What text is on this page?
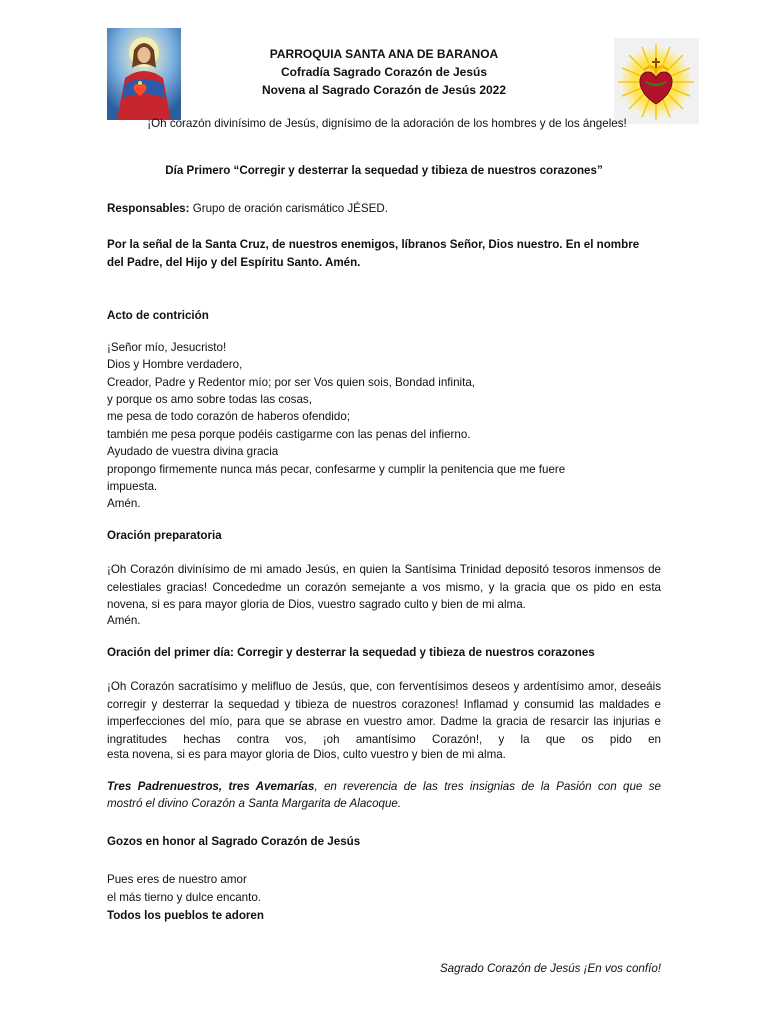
PARROQUIA SANTA ANA DE BARANOA
Cofradía Sagrado Corazón de Jesús
Novena al Sagrado Corazón de Jesús 2022
¡Oh corazón divinísimo de Jesús, dignísimo de la adoración de los hombres y de los ángeles!
Día Primero “Corregir y desterrar la sequedad y tibieza de nuestros corazones”
Responsables: Grupo de oración carismático JÉSED.
Por la señal de la Santa Cruz, de nuestros enemigos, líbranos Señor, Dios nuestro. En el nombre
del Padre, del Hijo y del Espíritu Santo. Amén.
Acto de contrición
¡Señor mío, Jesucristo!
Dios y Hombre verdadero,
Creador, Padre y Redentor mío; por ser Vos quien sois, Bondad infinita,
y porque os amo sobre todas las cosas,
me pesa de todo corazón de haberos ofendido;
también me pesa porque podéis castigarme con las penas del infierno.
Ayudado de vuestra divina gracia
propongo firmemente nunca más pecar, confesarme y cumplir la penitencia que me fuere
impuesta.
Amén.
Oración preparatoria
¡Oh Corazón divinísimo de mi amado Jesús, en quien la Santísima Trinidad depositó tesoros inmensos de celestiales gracias! Concededme un corazón semejante a vos mismo, y la gracia que os pido en esta novena, si es para mayor gloria de Dios, vuestro sagrado culto y bien de mi alma.
Amén.
Oración del primer día: Corregir y desterrar la sequedad y tibieza de nuestros corazones
¡Oh Corazón sacratísimo y melifluo de Jesús, que, con ferventísimos deseos y ardentísimo amor, deseáis corregir y desterrar la sequedad y tibieza de nuestros corazones! Inflamad y consumid las maldades e imperfecciones del mío, para que se abrase en vuestro amor. Dadme la gracia de resarcir las injurias e ingratitudes hechas contra vos, ¡oh amantísimo Corazón!, y la que os pido en
esta novena, si es para mayor gloria de Dios, culto vuestro y bien de mi alma.
Tres Padrenuestros, tres Avemarías, en reverencia de las tres insignias de la Pasión con que se
mostró el divino Corazón a Santa Margarita de Alacoque.
Gozos en honor al Sagrado Corazón de Jesús
Pues eres de nuestro amor
el más tierno y dulce encanto.
Todos los pueblos te adoren
Sagrado Corazón de Jesús ¡En vos confío!
